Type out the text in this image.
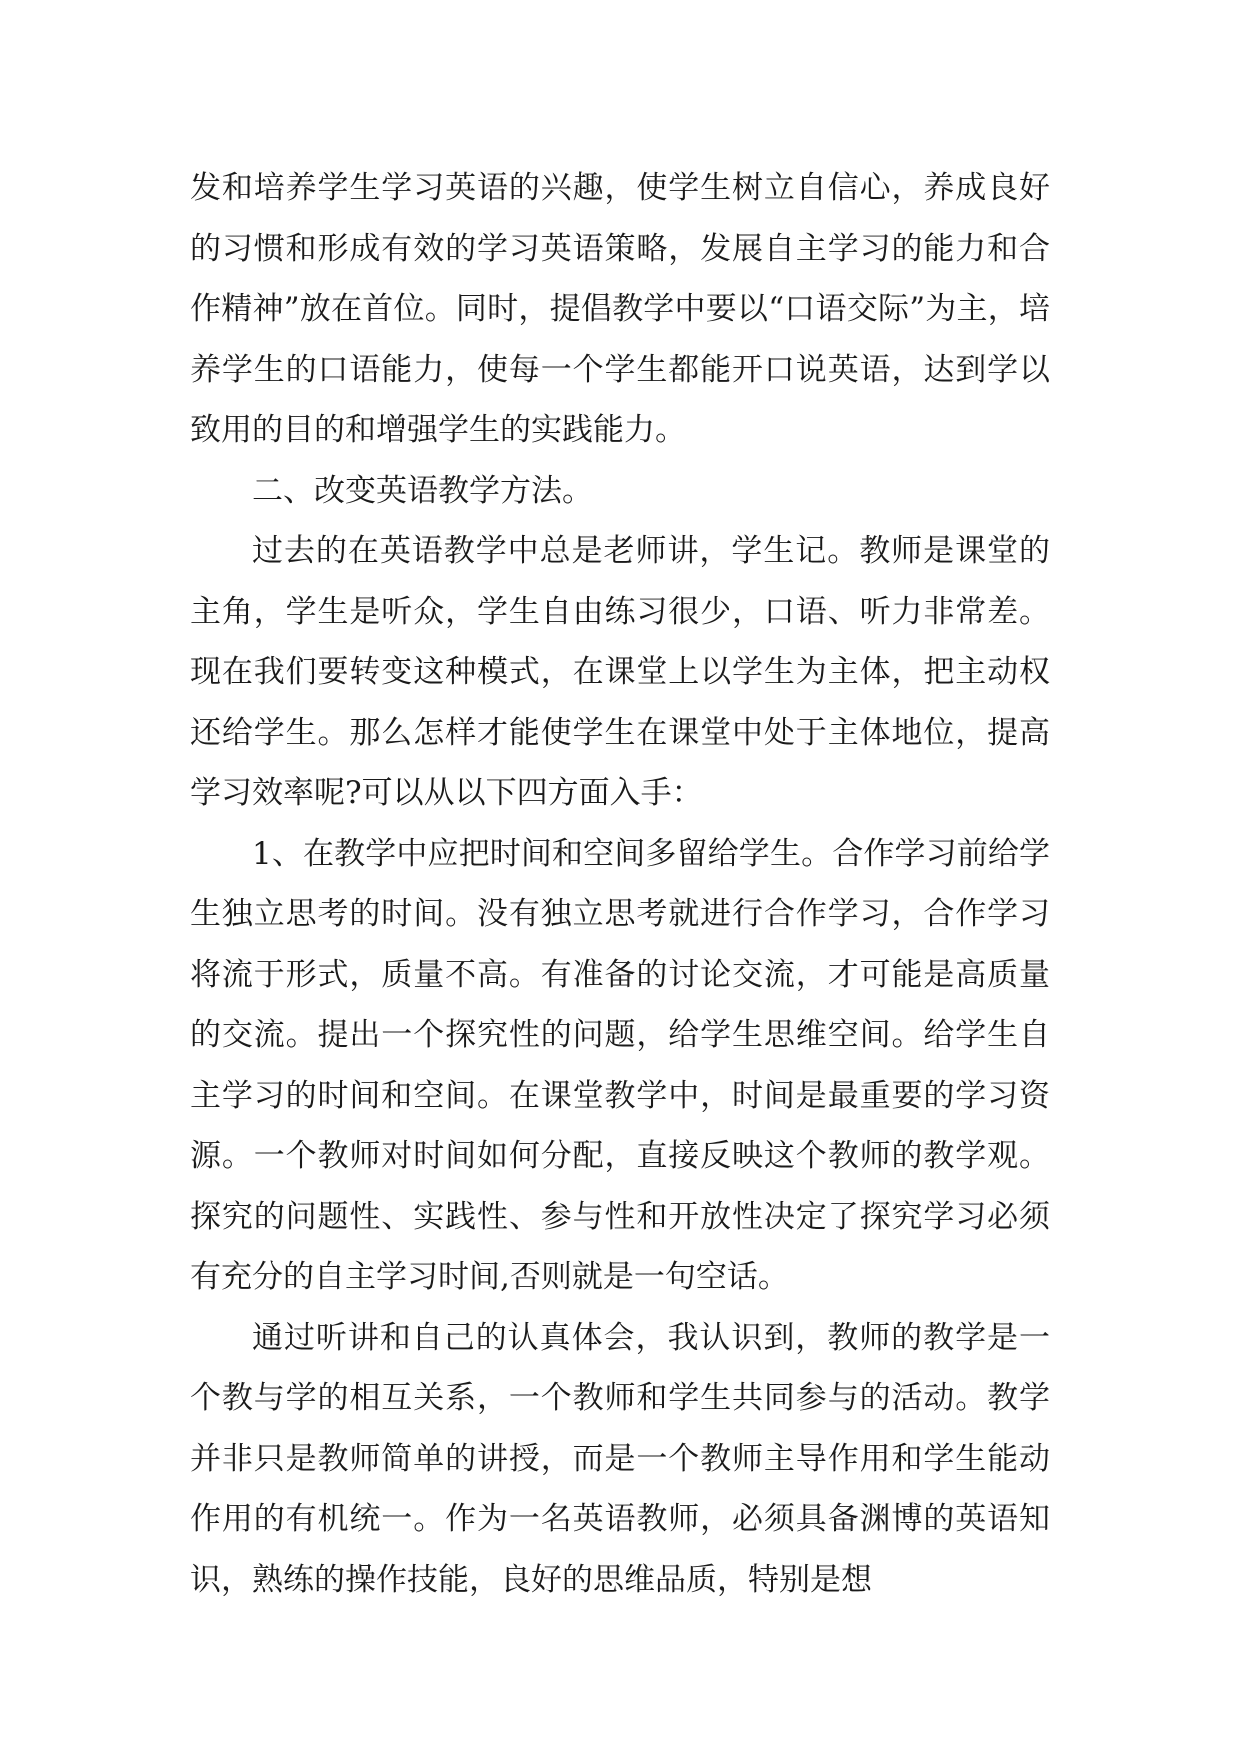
发和培养学生学习英语的兴趣，使学生树立自信心，养成良好的习惯和形成有效的学习英语策略，发展自主学习的能力和合作精神”放在首位。同时，提倡教学中要以“口语交际”为主，培养学生的口语能力，使每一个学生都能开口说英语，达到学以致用的目的和增强学生的实践能力。

二、改变英语教学方法。

过去的在英语教学中总是老师讲，学生记。教师是课堂的主角，学生是听众，学生自由练习很少，口语、听力非常差。现在我们要转变这种模式，在课堂上以学生为主体，把主动权还给学生。那么怎样才能使学生在课堂中处于主体地位，提高学习效率呢?可以从以下四方面入手：

1、在教学中应把时间和空间多留给学生。合作学习前给学生独立思考的时间。没有独立思考就进行合作学习，合作学习将流于形式，质量不高。有准备的讨论交流，才可能是高质量的交流。提出一个探究性的问题，给学生思维空间。给学生自主学习的时间和空间。在课堂教学中，时间是最重要的学习资源。一个教师对时间如何分配，直接反映这个教师的教学观。探究的问题性、实践性、参与性和开放性决定了探究学习必须有充分的自主学习时间,否则就是一句空话。

通过听讲和自己的认真体会，我认识到，教师的教学是一个教与学的相互关系，一个教师和学生共同参与的活动。教学并非只是教师简单的讲授，而是一个教师主导作用和学生能动作用的有机统一。作为一名英语教师，必须具备渊博的英语知识，熟练的操作技能，良好的思维品质，特别是想
